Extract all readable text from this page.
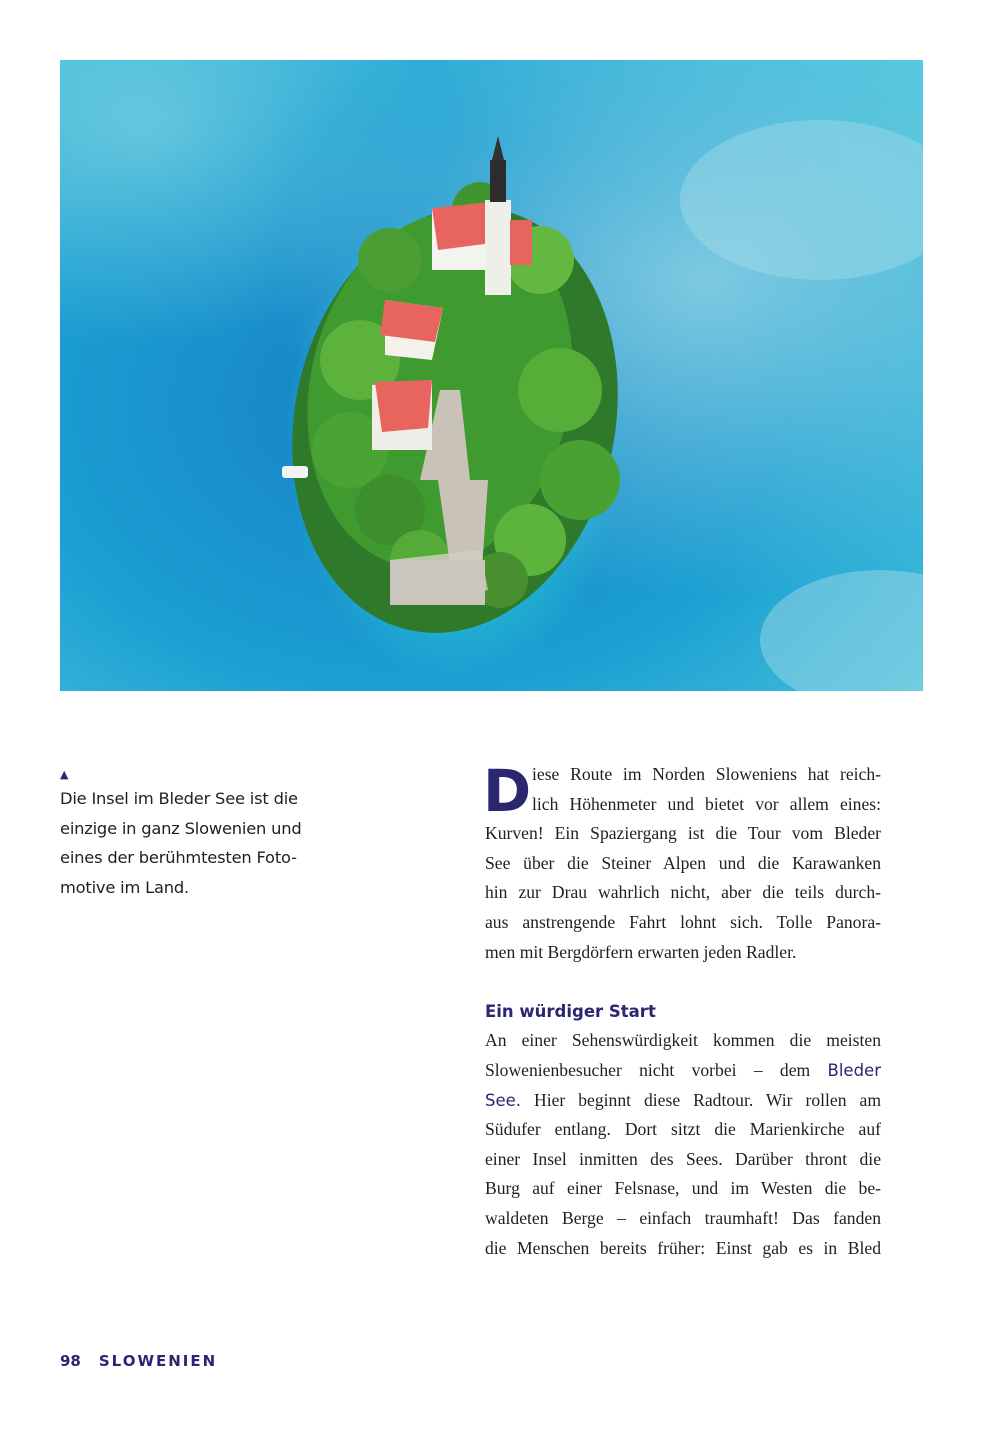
▲
Die Insel im Bleder See ist die
einzige in ganz Slowenien und
eines der berühmtesten Foto-
motive im Land.
D iese Route im Norden Sloweniens hat reich-
lich Höhenmeter und bietet vor allem eines:
Kurven! Ein Spaziergang ist die Tour vom Bleder
See über die Steiner Alpen und die Karawanken
hin zur Drau wahrlich nicht, aber die teils durch-
aus anstrengende Fahrt lohnt sich. Tolle Panora-
men mit Bergdörfern erwarten jeden Radler.
Ein würdiger Start
An einer Sehenswürdigkeit kommen die meisten
Slowenienbesucher nicht vorbei – dem Bleder
See. Hier beginnt diese Radtour. Wir rollen am
Südufer entlang. Dort sitzt die Marienkirche auf
einer Insel inmitten des Sees. Darüber thront die
Burg auf einer Felsnase, und im Westen die be-
waldeten Berge – einfach traumhaft! Das fanden
die Menschen bereits früher: Einst gab es in Bled
98 SLOWENIEN
